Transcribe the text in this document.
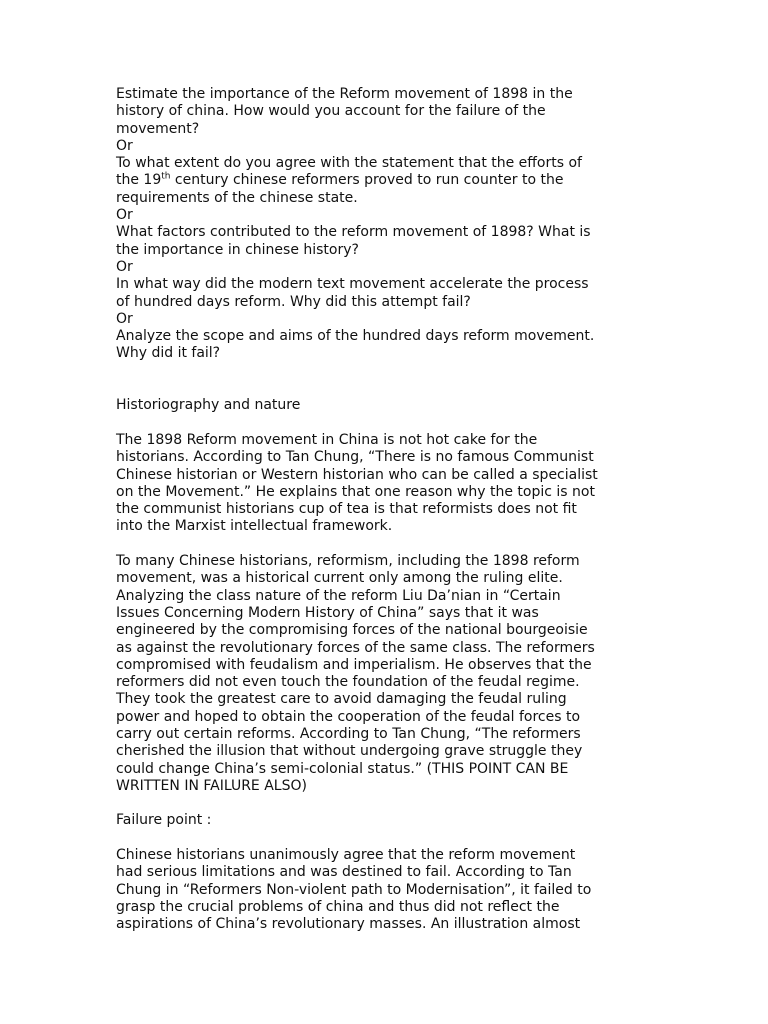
Estimate the importance of the Reform movement of 1898 in the
history of china. How would you account for the failure of the
movement?
Or
To what extent do you agree with the statement that the efforts of
the 19th century chinese reformers proved to run counter to the
requirements of the chinese state.
Or
What factors contributed to the reform movement of 1898? What is
the importance in chinese history?
Or
In what way did the modern text movement accelerate the process
of hundred days reform. Why did this attempt fail?
Or
Analyze the scope and aims of the hundred days reform movement.
Why did it fail?
Historiography and nature
The 1898 Reform movement in China is not hot cake for the
historians. According to Tan Chung, “There is no famous Communist
Chinese historian or Western historian who can be called a specialist
on the Movement.” He explains that one reason why the topic is not
the communist historians cup of tea is that reformists does not fit
into the Marxist intellectual framework.
To many Chinese historians, reformism, including the 1898 reform
movement, was a historical current only among the ruling elite.
Analyzing the class nature of the reform Liu Da’nian in “Certain
Issues Concerning Modern History of China” says that it was
engineered by the compromising forces of the national bourgeoisie
as against the revolutionary forces of the same class. The reformers
compromised with feudalism and imperialism. He observes that the
reformers did not even touch the foundation of the feudal regime.
They took the greatest care to avoid damaging the feudal ruling
power and hoped to obtain the cooperation of the feudal forces to
carry out certain reforms. According to Tan Chung, “The reformers
cherished the illusion that without undergoing grave struggle they
could change China’s semi-colonial status.” (THIS POINT CAN BE
WRITTEN IN FAILURE ALSO)
Failure point :
Chinese historians unanimously agree that the reform movement
had serious limitations and was destined to fail. According to Tan
Chung in “Reformers Non-violent path to Modernisation”, it failed to
grasp the crucial problems of china and thus did not reflect the
aspirations of China’s revolutionary masses. An illustration almost
